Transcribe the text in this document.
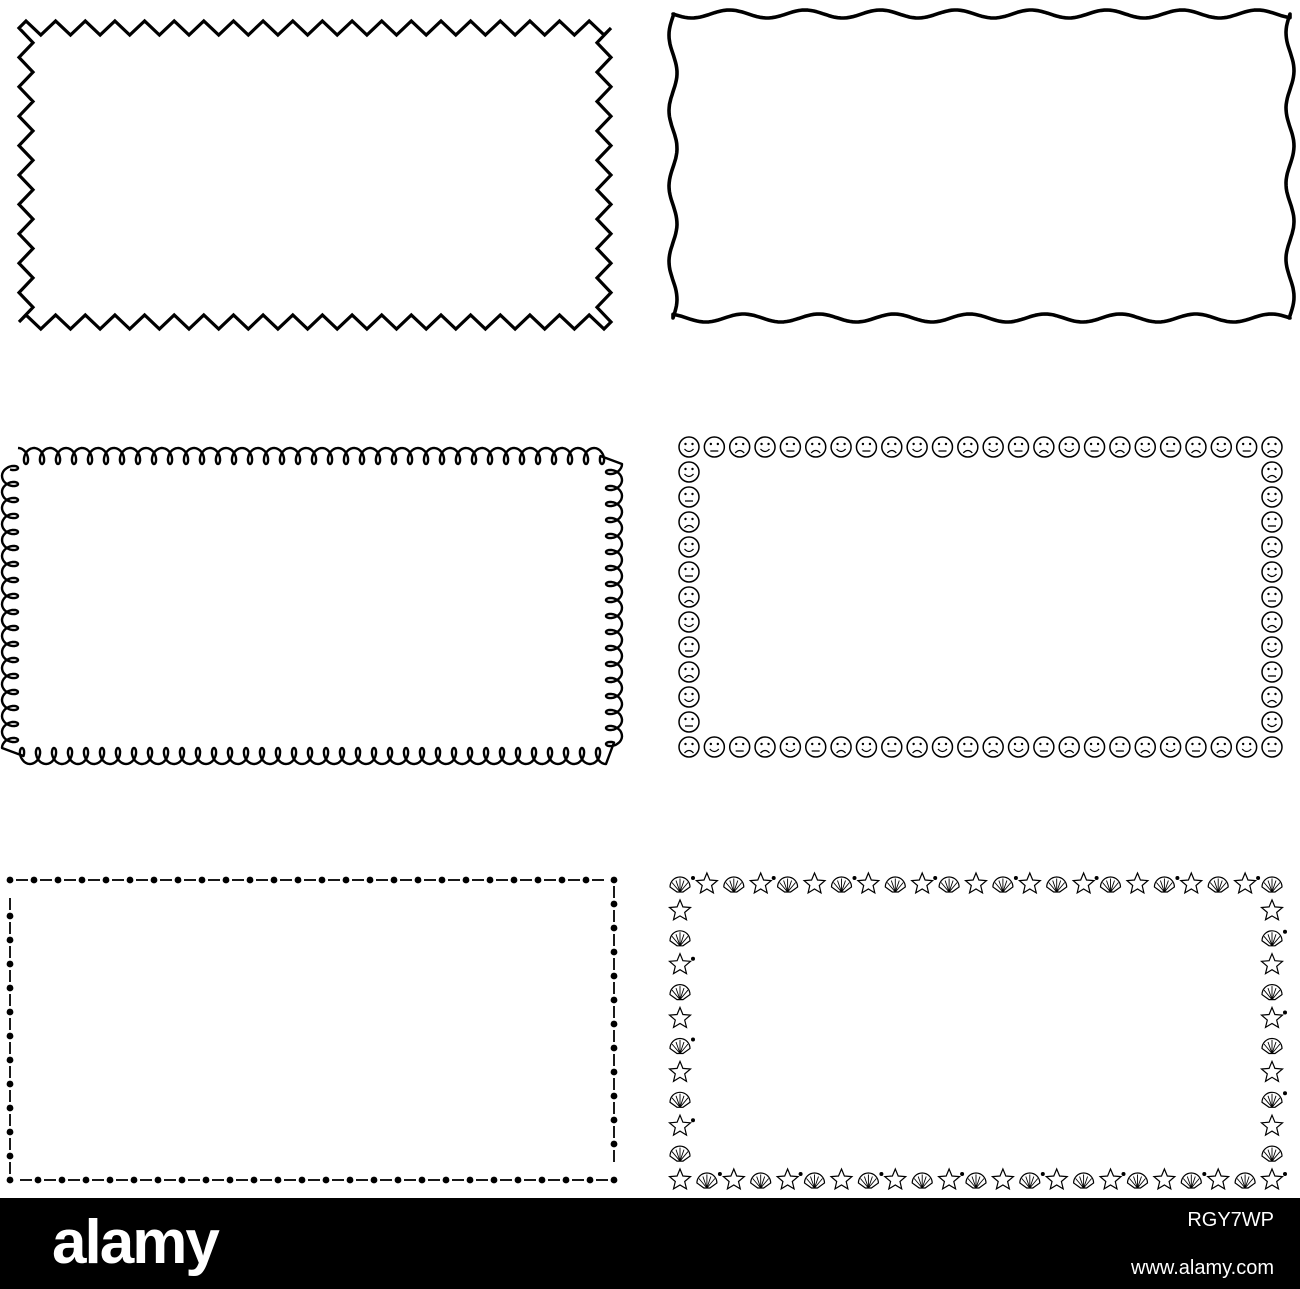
alamy	RGY7WP
www.alamy.com
